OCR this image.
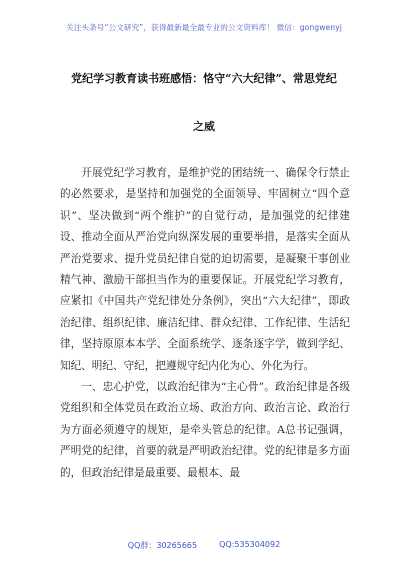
关注头条号“公文研究”，获得最新最全最专业的公文资料库！ 微信：gongwenyj
党纪学习教育读书班感悟：恪守“六大纪律”、常思党纪
之威

开展党纪学习教育，是维护党的团结统一、确保令行禁止的必然要求，是坚持和加强党的全面领导、牢固树立“四个意识”、坚决做到“两个维护”的自觉行动，是加强党的纪律建设、推动全面从严治党向纵深发展的重要举措，是落实全面从严治党要求、提升党员纪律自觉的迫切需要，是凝聚干事创业精气神、激励干部担当作为的重要保证。开展党纪学习教育，应紧扣《中国共产党纪律处分条例》，突出“六大纪律”，即政治纪律、组织纪律、廉洁纪律、群众纪律、工作纪律、生活纪律，坚持原原本本学、全面系统学、逐条逐字学，做到学纪、知纪、明纪、守纪，把遵规守纪内化为心、外化为行。

一、忠心护党，以政治纪律为“主心骨”。政治纪律是各级党组织和全体党员在政治立场、政治方向、政治言论、政治行为方面必须遵守的规矩，是牵头管总的纪律。A总书记强调，严明党的纪律，首要的就是严明政治纪律。党的纪律是多方面的，但政治纪律是最重要、最根本、最

QQ群：30265665	QQ:535304092
